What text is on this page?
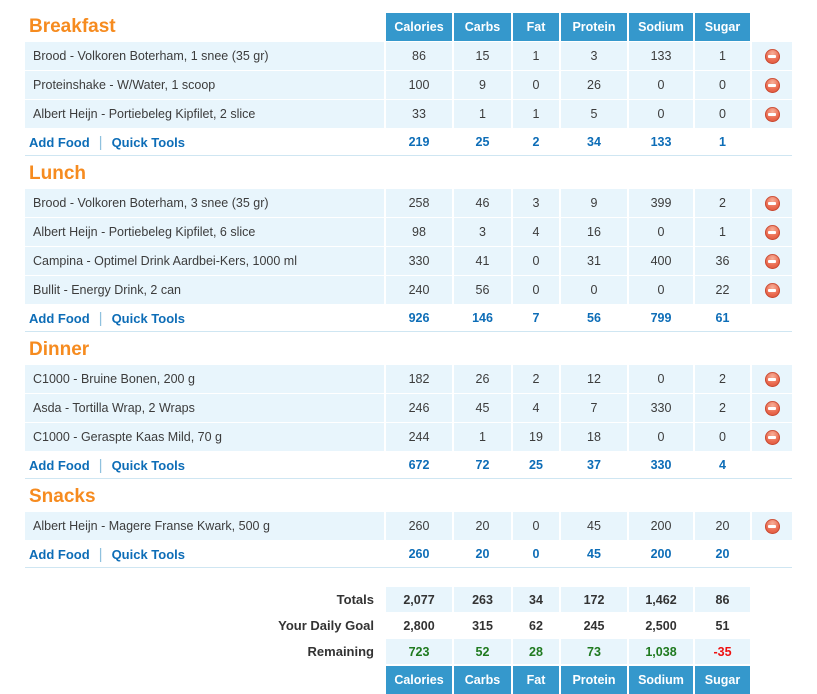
Breakfast	Calories	Carbs	Fat	Protein	Sodium	Sugar
Brood - Volkoren Boterham, 1 snee (35 gr)	86	15	1	3	133	1
Proteinshake - W/Water, 1 scoop	100	9	0	26	0	0
Albert Heijn - Portiebeleg Kipfilet, 2 slice	33	1	1	5	0	0
Add Food | Quick Tools	219	25	2	34	133	1
Lunch
Brood - Volkoren Boterham, 3 snee (35 gr)	258	46	3	9	399	2
Albert Heijn - Portiebeleg Kipfilet, 6 slice	98	3	4	16	0	1
Campina - Optimel Drink Aardbei-Kers, 1000 ml	330	41	0	31	400	36
Bullit - Energy Drink, 2 can	240	56	0	0	0	22
Add Food | Quick Tools	926	146	7	56	799	61
Dinner
C1000 - Bruine Bonen, 200 g	182	26	2	12	0	2
Asda - Tortilla Wrap, 2 Wraps	246	45	4	7	330	2
C1000 - Geraspte Kaas Mild, 70 g	244	1	19	18	0	0
Add Food | Quick Tools	672	72	25	37	330	4
Snacks
Albert Heijn - Magere Franse Kwark, 500 g	260	20	0	45	200	20
Add Food | Quick Tools	260	20	0	45	200	20
Totals	2,077	263	34	172	1,462	86
Your Daily Goal	2,800	315	62	245	2,500	51
Remaining	723	52	28	73	1,038	-35
Calories	Carbs	Fat	Protein	Sodium	Sugar
